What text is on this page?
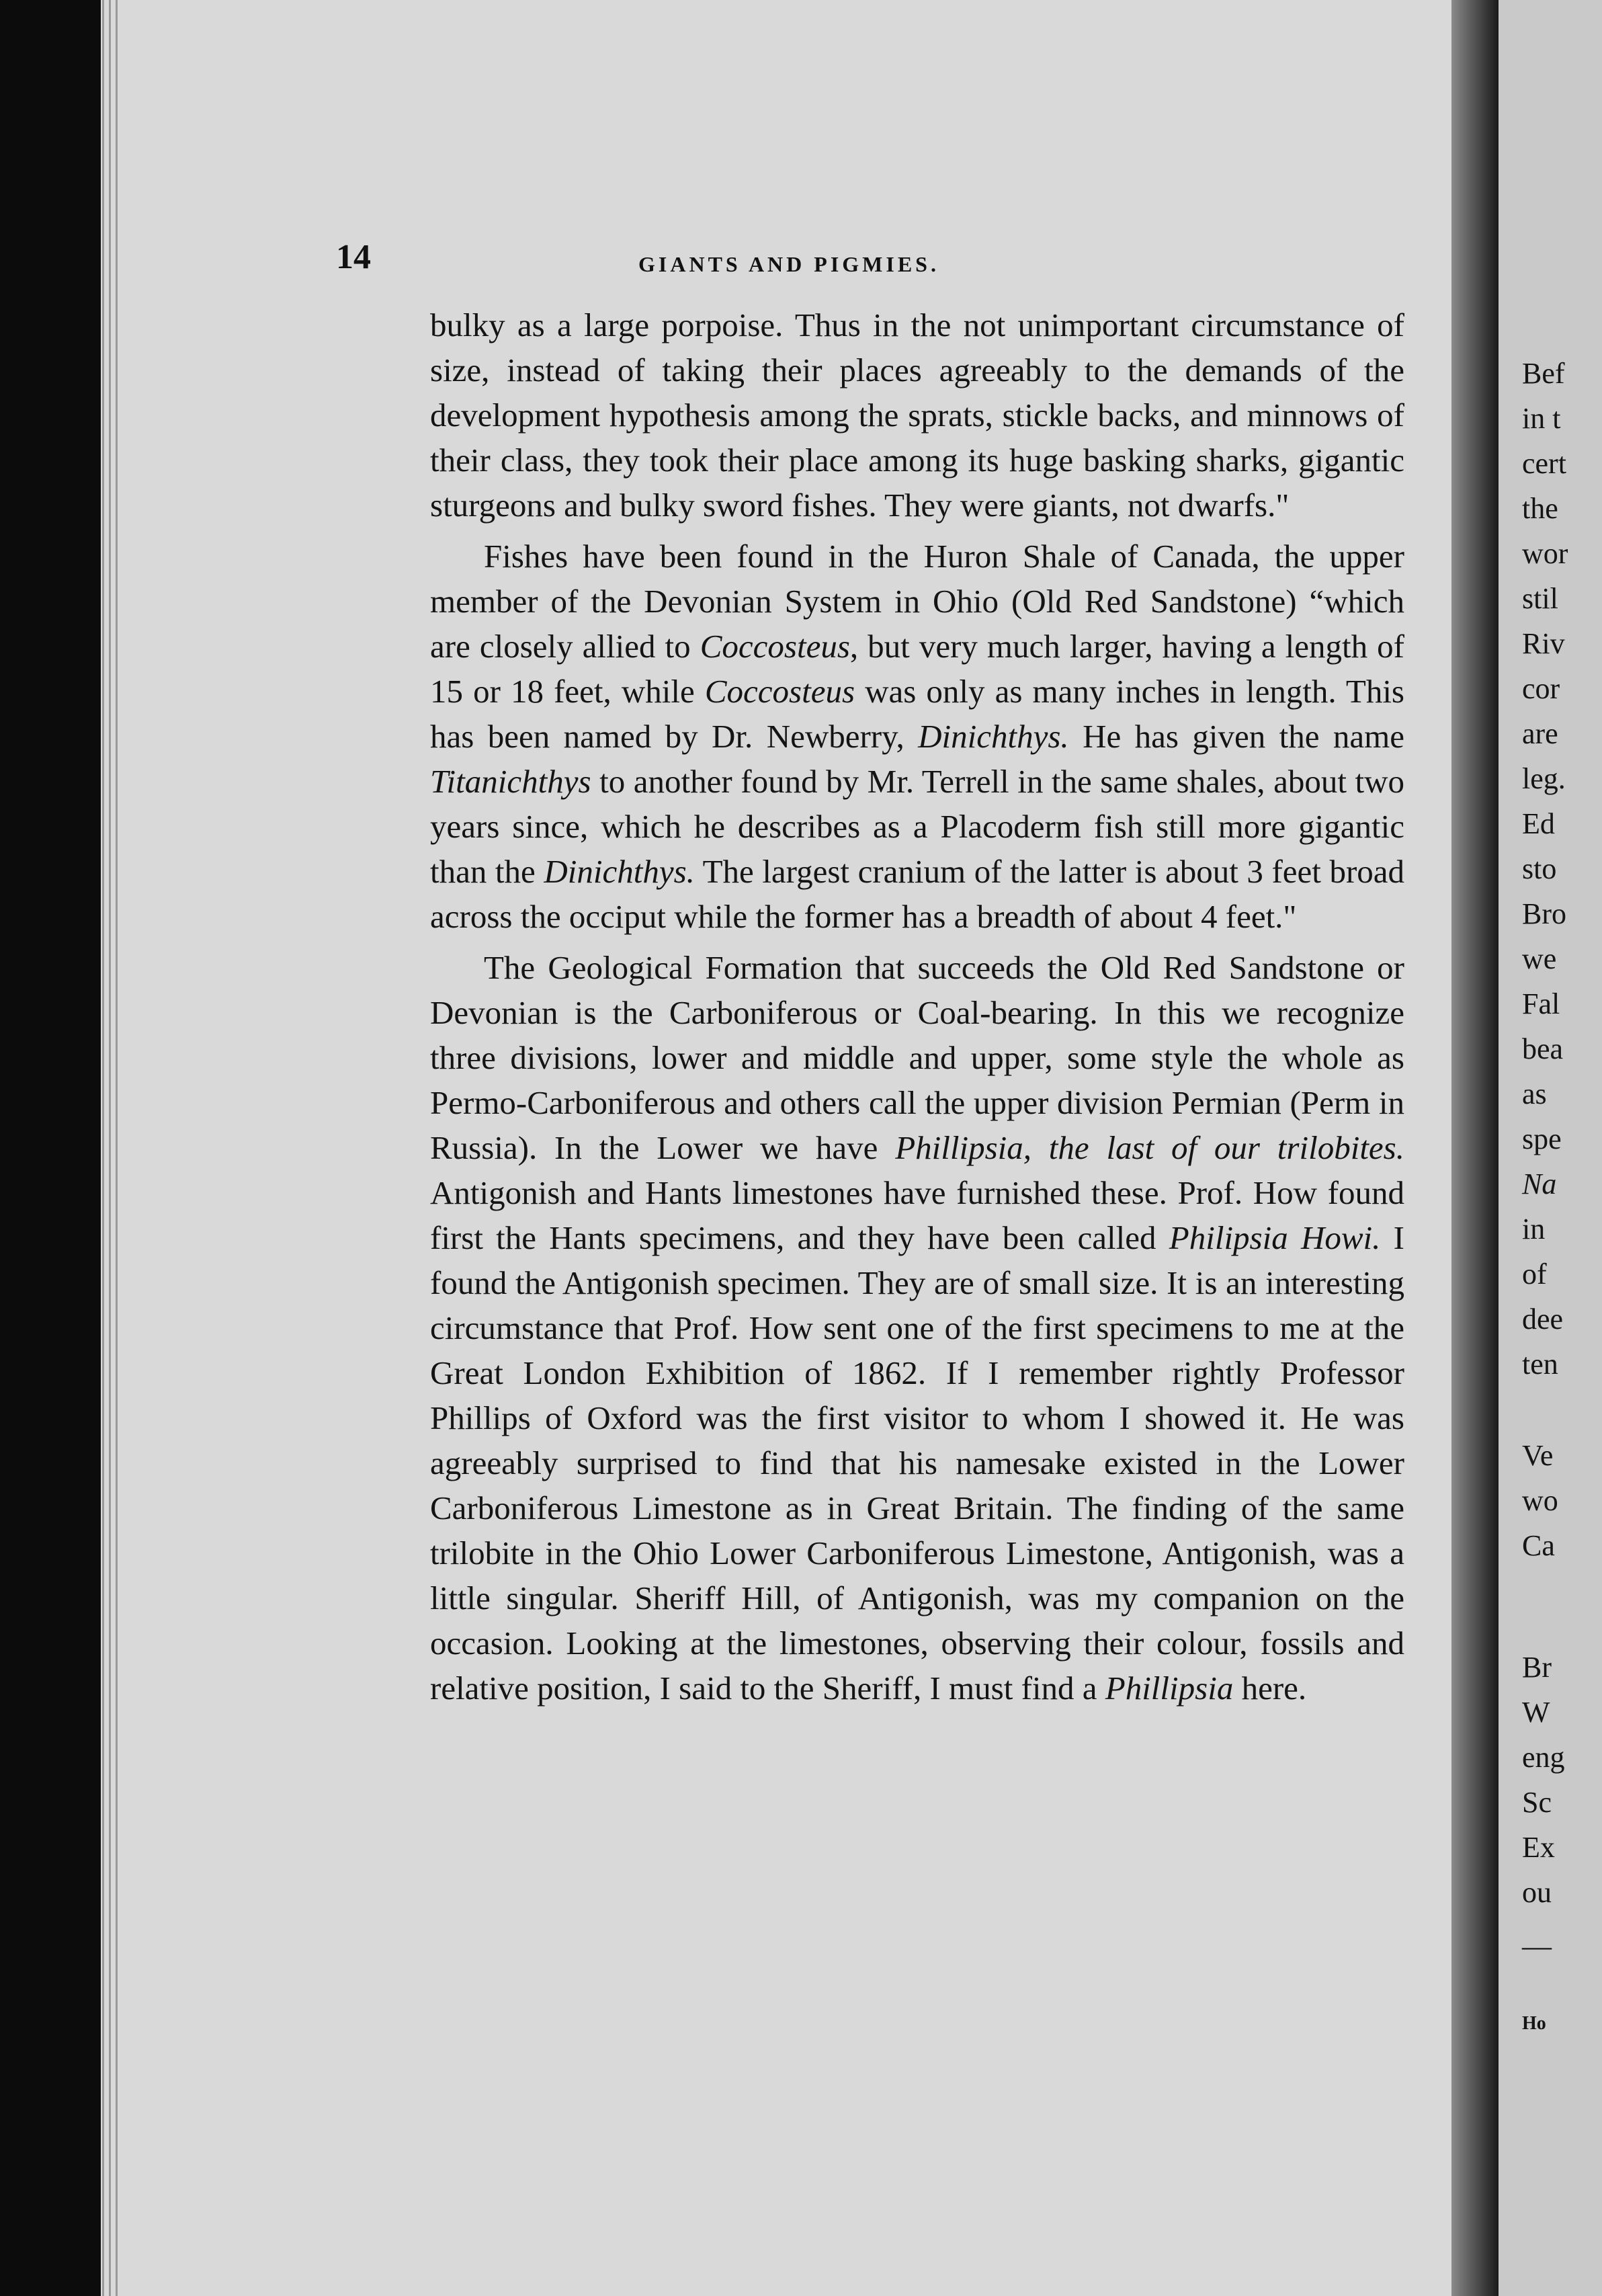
Bef
in t
cert
the
wor
stil
Riv
cor
are
leg.
Ed
sto
Bro
we
Fal
bea
as
spe
Na
in
of
dee
ten
Ve
wo
Ca
Br
W
eng
Sc
Ex
ou
—
Ho
14	GIANTS AND PIGMIES.

bulky as a large porpoise. Thus in the not unimportant circumstance of size, instead of taking their places agreeably to the demands of the development hypothesis among the sprats, stickle backs, and minnows of their class, they took their place among its huge basking sharks, gigantic sturgeons and bulky sword fishes. They were giants, not dwarfs."

Fishes have been found in the Huron Shale of Canada, the upper member of the Devonian System in Ohio (Old Red Sandstone) “which are closely allied to Coccosteus, but very much larger, having a length of 15 or 18 feet, while Coccosteus was only as many inches in length. This has been named by Dr. Newberry, Dinichthys. He has given the name Titanichthys to another found by Mr. Terrell in the same shales, about two years since, which he describes as a Placoderm fish still more gigantic than the Dinichthys. The largest cranium of the latter is about 3 feet broad across the occiput while the former has a breadth of about 4 feet."

The Geological Formation that succeeds the Old Red Sandstone or Devonian is the Carboniferous or Coal-bearing. In this we recognize three divisions, lower and middle and upper, some style the whole as Permo-Carboniferous and others call the upper division Permian (Perm in Russia). In the Lower we have Phillipsia, the last of our trilobites. Antigonish and Hants limestones have furnished these. Prof. How found first the Hants specimens, and they have been called Philipsia Howi. I found the Antigonish specimen. They are of small size. It is an interesting circumstance that Prof. How sent one of the first specimens to me at the Great London Exhibition of 1862. If I remember rightly Professor Phillips of Oxford was the first visitor to whom I showed it. He was agreeably surprised to find that his namesake existed in the Lower Carboniferous Limestone as in Great Britain. The finding of the same trilobite in the Ohio Lower Carboniferous Limestone, Antigonish, was a little singular. Sheriff Hill, of Antigonish, was my companion on the occasion. Looking at the limestones, observing their colour, fossils and relative position, I said to the Sheriff, I must find a Phillipsia here.
